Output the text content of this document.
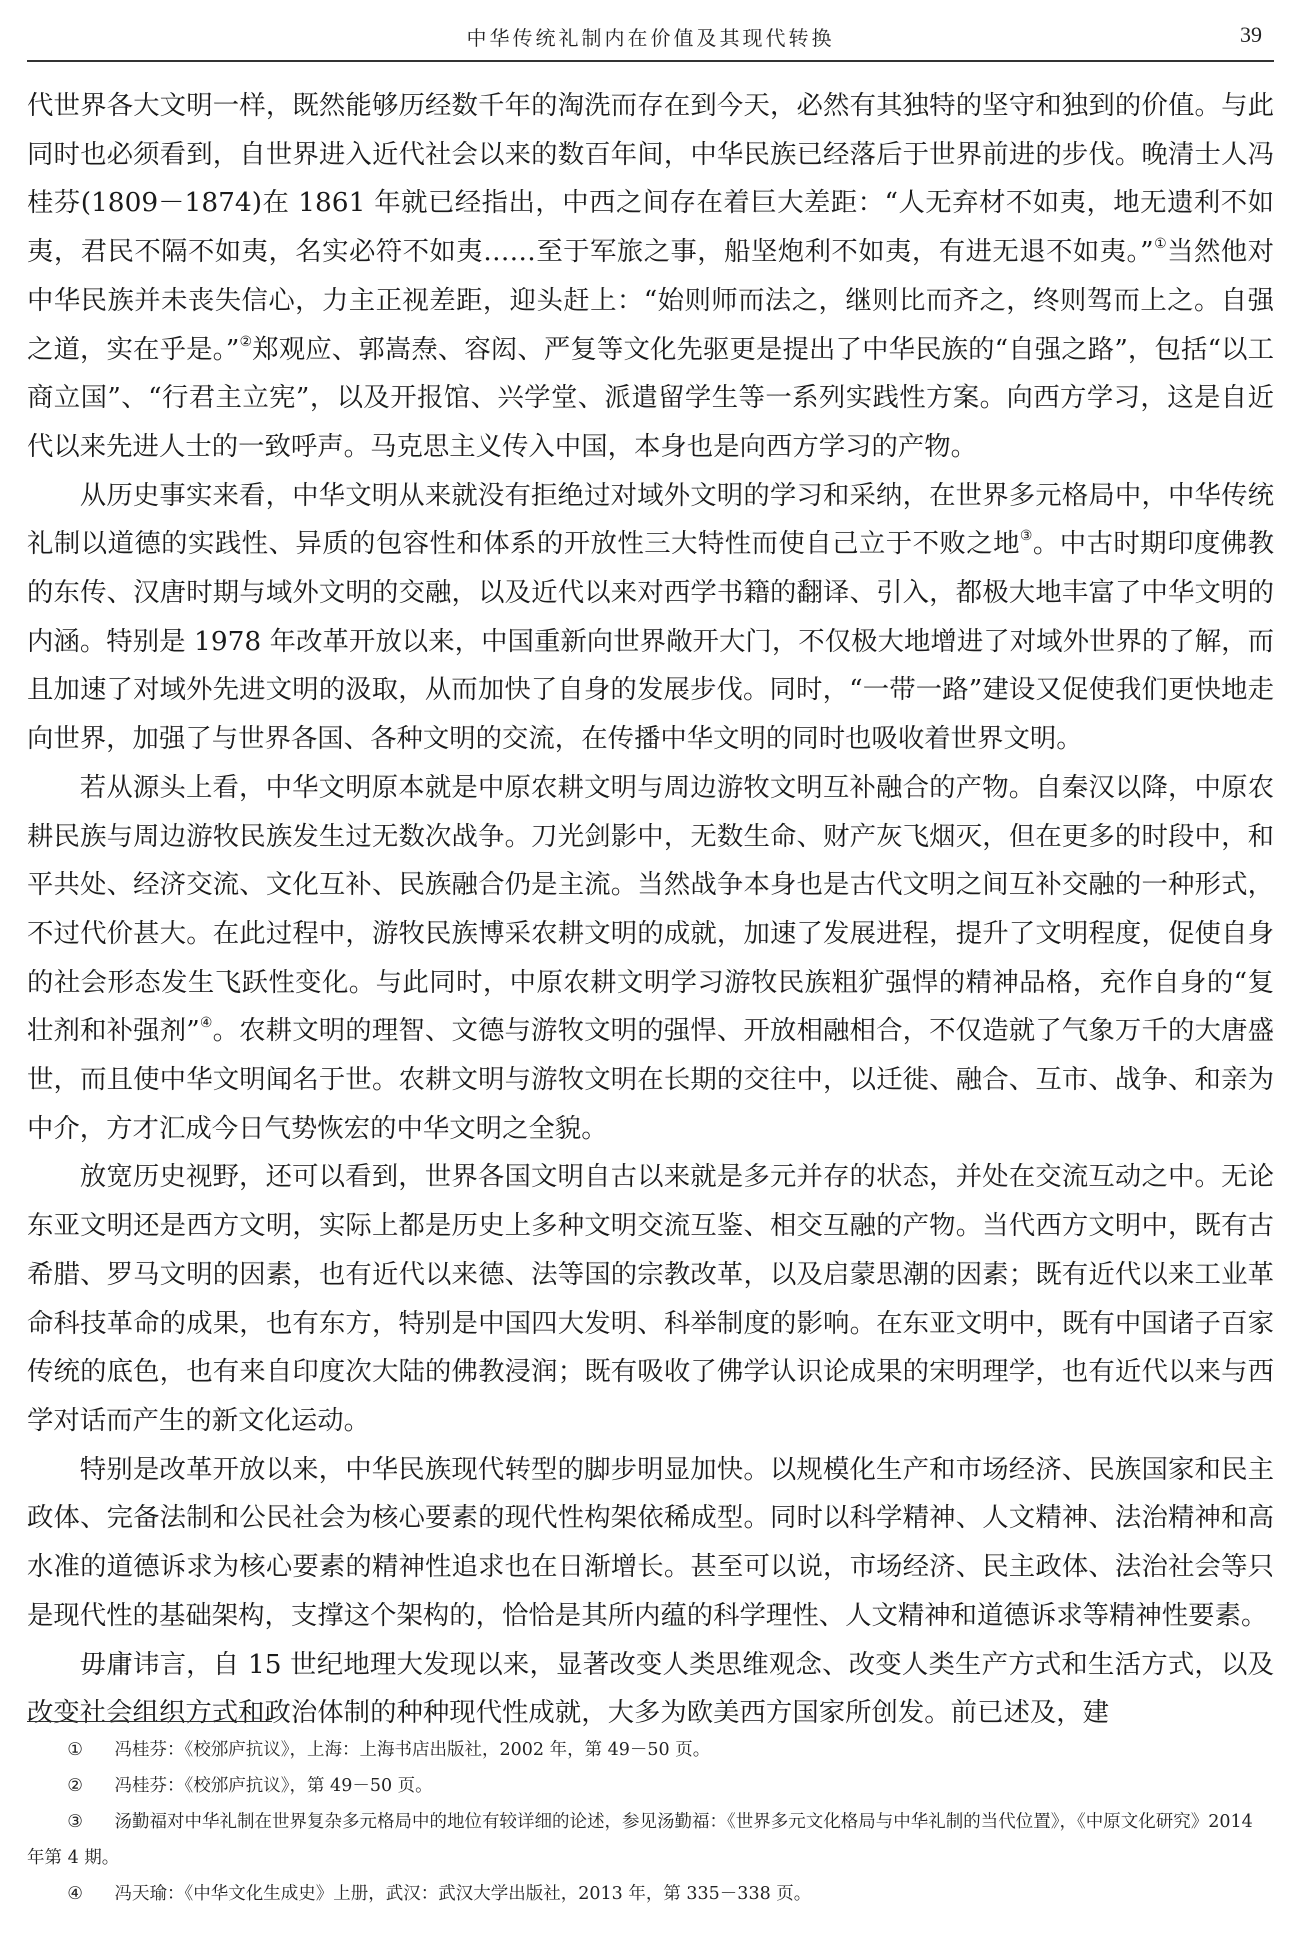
中华传统礼制内在价值及其现代转换	39

代世界各大文明一样，既然能够历经数千年的淘洗而存在到今天，必然有其独特的坚守和独到的价值。与此同时也必须看到，自世界进入近代社会以来的数百年间，中华民族已经落后于世界前进的步伐。晚清士人冯桂芬(1809－1874)在 1861 年就已经指出，中西之间存在着巨大差距：“人无弃材不如夷，地无遗利不如夷，君民不隔不如夷，名实必符不如夷……至于军旅之事，船坚炮利不如夷，有进无退不如夷。”①当然他对中华民族并未丧失信心，力主正视差距，迎头赶上：“始则师而法之，继则比而齐之，终则驾而上之。自强之道，实在乎是。”②郑观应、郭嵩焘、容闳、严复等文化先驱更是提出了中华民族的“自强之路”，包括“以工商立国”、“行君主立宪”，以及开报馆、兴学堂、派遣留学生等一系列实践性方案。向西方学习，这是自近代以来先进人士的一致呼声。马克思主义传入中国，本身也是向西方学习的产物。

从历史事实来看，中华文明从来就没有拒绝过对域外文明的学习和采纳，在世界多元格局中，中华传统礼制以道德的实践性、异质的包容性和体系的开放性三大特性而使自己立于不败之地③。中古时期印度佛教的东传、汉唐时期与域外文明的交融，以及近代以来对西学书籍的翻译、引入，都极大地丰富了中华文明的内涵。特别是 1978 年改革开放以来，中国重新向世界敞开大门，不仅极大地增进了对域外世界的了解，而且加速了对域外先进文明的汲取，从而加快了自身的发展步伐。同时，“一带一路”建设又促使我们更快地走向世界，加强了与世界各国、各种文明的交流，在传播中华文明的同时也吸收着世界文明。

若从源头上看，中华文明原本就是中原农耕文明与周边游牧文明互补融合的产物。自秦汉以降，中原农耕民族与周边游牧民族发生过无数次战争。刀光剑影中，无数生命、财产灰飞烟灭，但在更多的时段中，和平共处、经济交流、文化互补、民族融合仍是主流。当然战争本身也是古代文明之间互补交融的一种形式，不过代价甚大。在此过程中，游牧民族博采农耕文明的成就，加速了发展进程，提升了文明程度，促使自身的社会形态发生飞跃性变化。与此同时，中原农耕文明学习游牧民族粗犷强悍的精神品格，充作自身的“复壮剂和补强剂”④。农耕文明的理智、文德与游牧文明的强悍、开放相融相合，不仅造就了气象万千的大唐盛世，而且使中华文明闻名于世。农耕文明与游牧文明在长期的交往中，以迁徙、融合、互市、战争、和亲为中介，方才汇成今日气势恢宏的中华文明之全貌。

放宽历史视野，还可以看到，世界各国文明自古以来就是多元并存的状态，并处在交流互动之中。无论东亚文明还是西方文明，实际上都是历史上多种文明交流互鉴、相交互融的产物。当代西方文明中，既有古希腊、罗马文明的因素，也有近代以来德、法等国的宗教改革，以及启蒙思潮的因素；既有近代以来工业革命科技革命的成果，也有东方，特别是中国四大发明、科举制度的影响。在东亚文明中，既有中国诸子百家传统的底色，也有来自印度次大陆的佛教浸润；既有吸收了佛学认识论成果的宋明理学，也有近代以来与西学对话而产生的新文化运动。

特别是改革开放以来，中华民族现代转型的脚步明显加快。以规模化生产和市场经济、民族国家和民主政体、完备法制和公民社会为核心要素的现代性构架依稀成型。同时以科学精神、人文精神、法治精神和高水准的道德诉求为核心要素的精神性追求也在日渐增长。甚至可以说，市场经济、民主政体、法治社会等只是现代性的基础架构，支撑这个架构的，恰恰是其所内蕴的科学理性、人文精神和道德诉求等精神性要素。

毋庸讳言，自 15 世纪地理大发现以来，显著改变人类思维观念、改变人类生产方式和生活方式，以及改变社会组织方式和政治体制的种种现代性成就，大多为欧美西方国家所创发。前已述及，建

① 冯桂芬：《校邠庐抗议》，上海：上海书店出版社，2002 年，第 49－50 页。

② 冯桂芬：《校邠庐抗议》，第 49－50 页。

③ 汤勤福对中华礼制在世界复杂多元格局中的地位有较详细的论述，参见汤勤福：《世界多元文化格局与中华礼制的当代位置》，《中原文化研究》2014 年第 4 期。

④ 冯天瑜：《中华文化生成史》上册，武汉：武汉大学出版社，2013 年，第 335－338 页。
